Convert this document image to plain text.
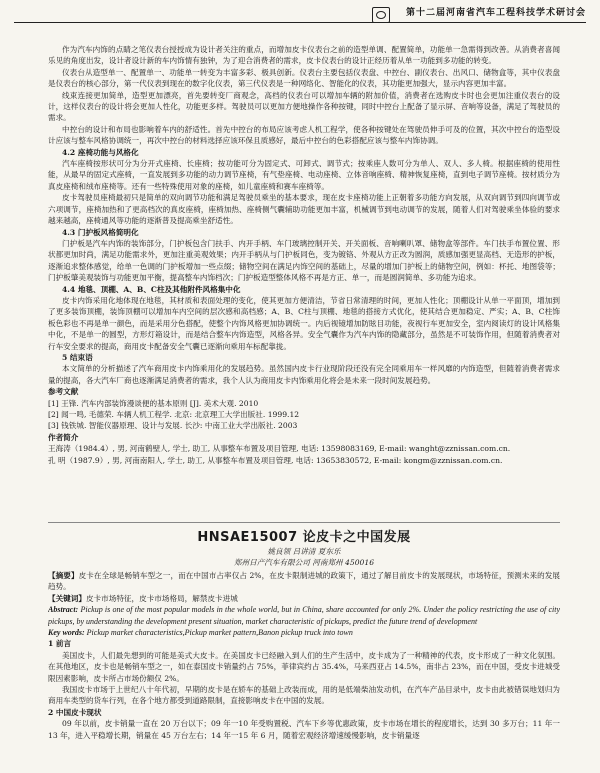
第十二届河南省汽车工程科技学术研讨会

作为汽车内饰的点睛之笔仪表台授授成为设计者关注的重点，而增加皮卡仪表台之前的造型单调、配置简单，功能单一急需得到改善。从消费者喜闻乐见的角度出发，设计者设计新的车内饰情有独钟，为了迎合消费者的需求，皮卡仪表台的设计正经历着从单一功能到多功能的转变。

仪表台从造型单一、配置单一、功能单一转变为丰富多彩、极具创新。仪表台主要包括仪表盘、中控台、副仪表台、出风口、储物盒等，其中仪表盘是仪表台的核心部分，第一代仪表到现在的数字化仪表，第三代仪表是一种网络化、智能化的仪表，其功能更加强大，显示内容更加丰富。

线束连接更加简单，造型更加漂亮，首先要转变厂商观念，高档的仪表台可以增加车辆的附加价值，消费者在选购皮卡时也会更加注重仪表台的设计，这样仪表台的设计将会更加人性化，功能更多样。驾驶员可以更加方便地操作各种按键，同时中控台上配备了显示屏、音响等设备，满足了驾驶员的需求。

中控台的设计和布局也影响着车内的舒适性。首先中控台的布局应该考虑人机工程学，使各种按键处在驾驶员伸手可及的位置，其次中控台的造型设计应该与整车风格协调统一，再次中控台的材料选择应该环保且质感好，最后中控台的色彩搭配应该与整车内饰协调。

4.2 座椅功能与风格化

汽车座椅按形状可分为分开式座椅、长座椅；按功能可分为固定式、可卸式、调节式；按乘座人数可分为单人、双人、多人椅。根据座椅的使用性能，从最早的固定式座椅，一直发展到多功能的动力调节座椅，有气垫座椅、电动座椅、立体音响座椅、精神恢复座椅，直到电子调节座椅。按材质分为真皮座椅和绒布座椅等。还有一些特殊使用对象的座椅，如儿童座椅和赛车座椅等。

皮卡驾驶员座椅最初只是简单的双向调节功能和满足驾驶员乘坐的基本要求，现在皮卡座椅功能上正朝着多功能方向发展，从双向调节到四向调节或六项调节，座椅加热和了更高档次的真皮座椅，座椅加热、座椅侧气囊辅助功能更加丰富，机械调节到电动调节的发展，随着人们对驾驶乘坐体验的要求越来越高，座椅通风等功能的逐渐普及提高乘坐舒适性。

4.3 门护板风格简明化

门护板是汽车内饰的装饰部分，门护板包含门扶手、内开手柄、车门玻璃控制开关、开关面板、音响喇叭罩、储物盒等部件。车门扶手布置位置、形状都更加时尚，满足功能需求外，更加注重美观效果；内开手柄从与门护板同色，变为镀铬、外观从方正改为圆润，质感加强更显高档、无造形的护板，逐渐追求整体感觉，给单一色调的门护板增加一些点缀；储物空间在满足内饰空间的基础上，尽量的增加门护板上的储物空间，例如：杯托、地图袋等；门护板肇美观装饰与功能更加平衡，提高整车内饰档次；门护板造型整体风格不再是方正、单一，而是圆润简单、多功能为追求。

4.4 地毯、顶棚、A、B、C柱及其他附件风格集中化

皮卡内饰采用化地体现在地毯，其材质和表面处理的变化，使其更加方便清洁，节省日常清理的时间，更加人性化；顶棚设计从单一平面顶，增加到了更多装饰顶棚，装饰顶棚可以增加车内空间的层次感和高档感；A、B、C柱与顶棚、地毯的搭接方式优化，使其结合更加稳定、严实；A、B、C柱饰板色彩也不再是单一颜色，而是采用分色搭配，使整个内饰风格更加协调统一。内后视镜增加防眩目功能，夜视行车更加安全，室内阅读灯的设计风格集中化，不是单一的圆型，方形灯箱设计，而是结合整车内饰造型，风格各异。安全气囊作为汽车内饰的隐藏部分，虽然是不可装饰作用，但随着消费者对行车安全要求的提高，商用皮卡配备安全气囊已逐渐向乘用车标配靠拢。

5 结束语

本文简单的分析描述了汽车商用皮卡内饰乘用化的发展趋势。虽然国内皮卡行业现阶段还没有完全同乘用车一样风靡的内饰造型，但随着消费者需求量的提高，各大汽车厂商也逐渐满足消费者的需求，我个人认为商用皮卡内饰乘用化将会是未来一段时间发展趋势。

参考文献

[1] 王锋. 汽车内部装饰漫谈便的基本原则 [J]. 美术大观. 2010

[2] 闻一鸣, 毛德荣. 车辆人机工程学. 北京: 北京理工大学出版社. 1999.12

[3] 钱铁城. 智能仪器原理、设计与发展. 长沙: 中南工业大学出版社. 2003

作者简介

王海涛（1984.4）, 男, 河南鹤壁人, 学士, 助工, 从事整车布置及项目管理, 电话: 13598083169, E-mail: wanght@zznissan.com.cn.

孔 明（1987.9）, 男, 河南南阳人, 学士, 助工, 从事整车布置及项目管理, 电话: 13653830572, E-mail: kongm@zznissan.com.cn.

HNSAE15007 论皮卡之中国发展
姚良领 吕讲清 夏东乐
郑州日产汽车有限公司 河南郑州 450016

【摘要】皮卡在全球是畅销车型之一，而在中国市占率仅占 2%，在皮卡限制进城的政策下，通过了解目前皮卡的发展现状，市场特征，预测未来的发展趋势。

【关键词】皮卡市场特征，皮卡市场格局，解禁皮卡进城

Abstract: Pickup is one of the most popular models in the whole world, but in China, share accounted for only 2%. Under the policy restricting the use of city pickups, by understanding the development present situation, market characteristic of pickups, predict the future trend of development

Key words: Pickup market characteristics,Pickup market pattern,Banon pickup truck into town

1 前言

美国皮卡，人们最先想到的可能是美式大皮卡。在美国皮卡已经融入到人们的生产生活中，皮卡成为了一种精神的代表，皮卡形成了一种文化氛围。在其他地区，皮卡也是畅销车型之一，如在泰国皮卡销量约占 75%，菲律宾约占 35.4%，马来西亚占 14.5%，南非占 23%，而在中国，受皮卡进城受限因素影响，皮卡所占市场份额仅 2%。

我国皮卡市场于上世纪八十年代初，早期的皮卡是在轿车的基础上改装而成，用的是低端柴油发动机，在汽车产品目录中，皮卡由此被错误地划归为商用车类型的货车行列，在各个地方都受到道路限制，直接影响皮卡在中国的发展。

2 中国皮卡现状

09 年以前，皮卡销量一直在 20 万台以下；09 年一10 年受购置税、汽车下乡等优惠政策，皮卡市场在增长的程度增长，达到 30 多万台；11 年一13 年，进入平稳增长期，销量在 45 万台左右；14 年一15 年 6 月，随着宏观经济增速缓慢影响，皮卡销量逐
